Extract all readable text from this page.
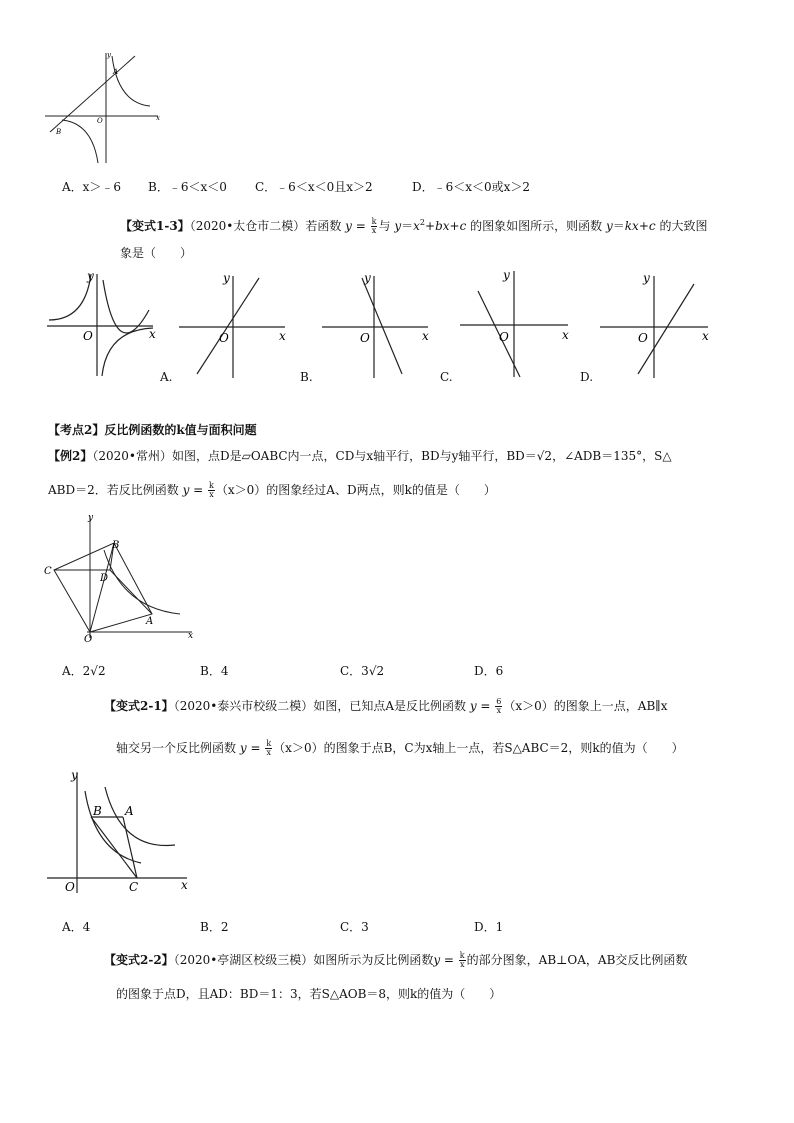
x
y
O
A
B
A．x＞﹣6 B．﹣6＜x＜0 C．﹣6＜x＜0且x＞2	D．﹣6＜x＜0或x＞2
【变式1-3】（2020•太仓市二模）若函数 $y = \frac{k}{x}$ 与 $y=x^2+bx+c$ 的图象如图所示，则函数 y＝kx+c 的大致图
象是（　　）
x
y
O	x
y
O
A.
x
y
O
B.
x
y
O
C.
x
y
O
D.
【考点2】反比例函数的k值与面积问题
【例2】（2020•常州）如图，点D是▱OABC内一点，CD与x轴平行，BD与y轴平行，BD＝√2，∠ADB＝135°，S△
ABD＝2．若反比例函数 $y = \frac{k}{x} (x>0)$的图象经过A、D两点，则k的值是（　　）
x
y
O
A
B
C
D
A．2√2	B．4	C．3√2	D．6
【变式2-1】（2020•泰兴市校级二模）如图，已知点A是反比例函数 $y = \frac{6}{x} (x>0)$的图象上一点，AB∥x
轴交另一个反比例函数 $y = \frac{k}{x} (x>0)$的图象于点B，C为x轴上一点，若S△ABC＝2，则k的值为（　　）
x
y
O
A
B
C
A．4	B．2	C．3	D．1
【变式2-2】（2020•亭湖区校级三模）如图所示为反比例函数$y = \frac{k}{x}$ 的部分图象，AB⊥OA，AB交反比例函数
的图象于点D，且AD：BD＝1：3，若S△AOB＝8，则k的值为（　　）
